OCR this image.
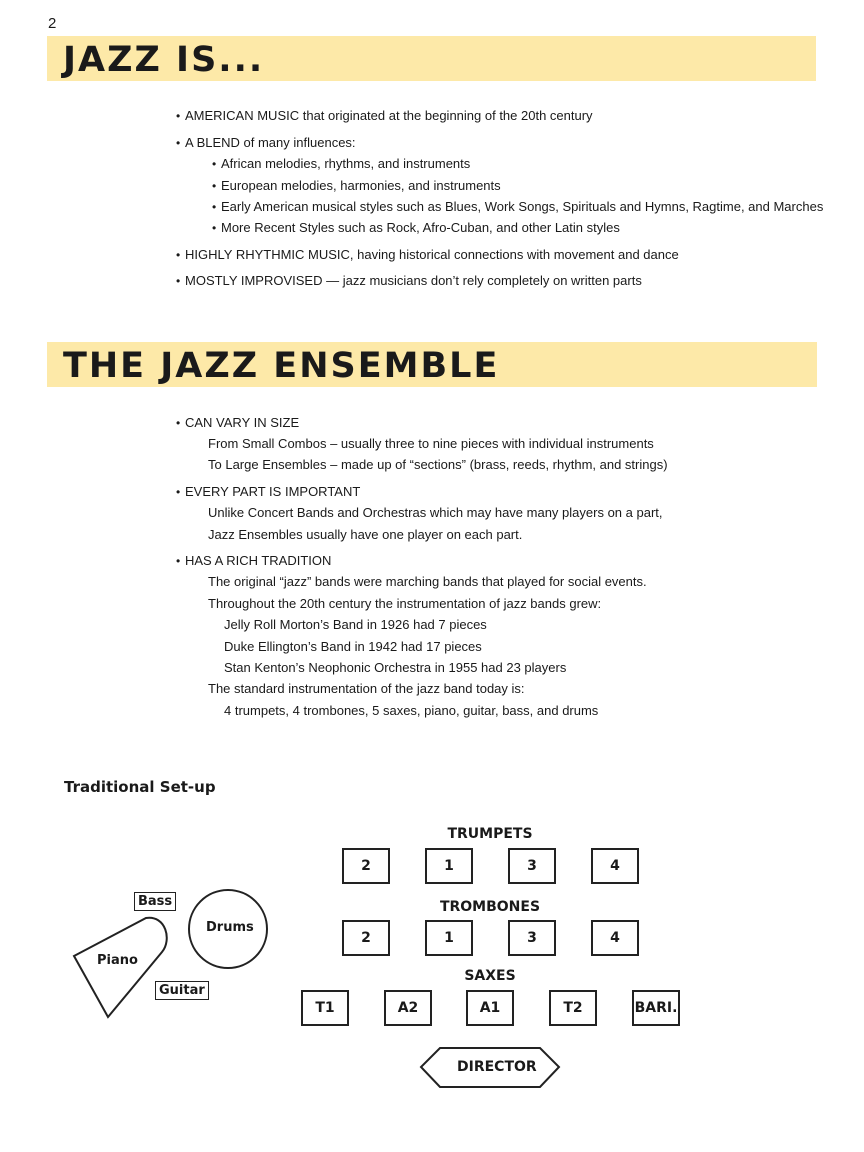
2
JAZZ IS...
• AMERICAN MUSIC that originated at the beginning of the 20th century
• A BLEND of many influences:
• African melodies, rhythms, and instruments
• European melodies, harmonies, and instruments
• Early American musical styles such as Blues, Work Songs, Spirituals and Hymns, Ragtime, and Marches
• More Recent Styles such as Rock, Afro-Cuban, and other Latin styles
• HIGHLY RHYTHMIC MUSIC, having historical connections with movement and dance
• MOSTLY IMPROVISED — jazz musicians don’t rely completely on written parts
THE JAZZ ENSEMBLE
• CAN VARY IN SIZE
From Small Combos – usually three to nine pieces with individual instruments
To Large Ensembles – made up of “sections” (brass, reeds, rhythm, and strings)
• EVERY PART IS IMPORTANT
Unlike Concert Bands and Orchestras which may have many players on a part,
Jazz Ensembles usually have one player on each part.
• HAS A RICH TRADITION
The original “jazz” bands were marching bands that played for social events.
Throughout the 20th century the instrumentation of jazz bands grew:
Jelly Roll Morton’s Band in 1926 had 7 pieces
Duke Ellington’s Band in 1942 had 17 pieces
Stan Kenton’s Neophonic Orchestra in 1955 had 23 players
The standard instrumentation of the jazz band today is:
4 trumpets, 4 trombones, 5 saxes, piano, guitar, bass, and drums
Traditional Set-up
TRUMPETS
2	1	3	4
TROMBONES
2	1	3	4
SAXES
T1	A2	A1	T2	BARI.
DIRECTOR
Bass
Drums
Piano
Guitar
